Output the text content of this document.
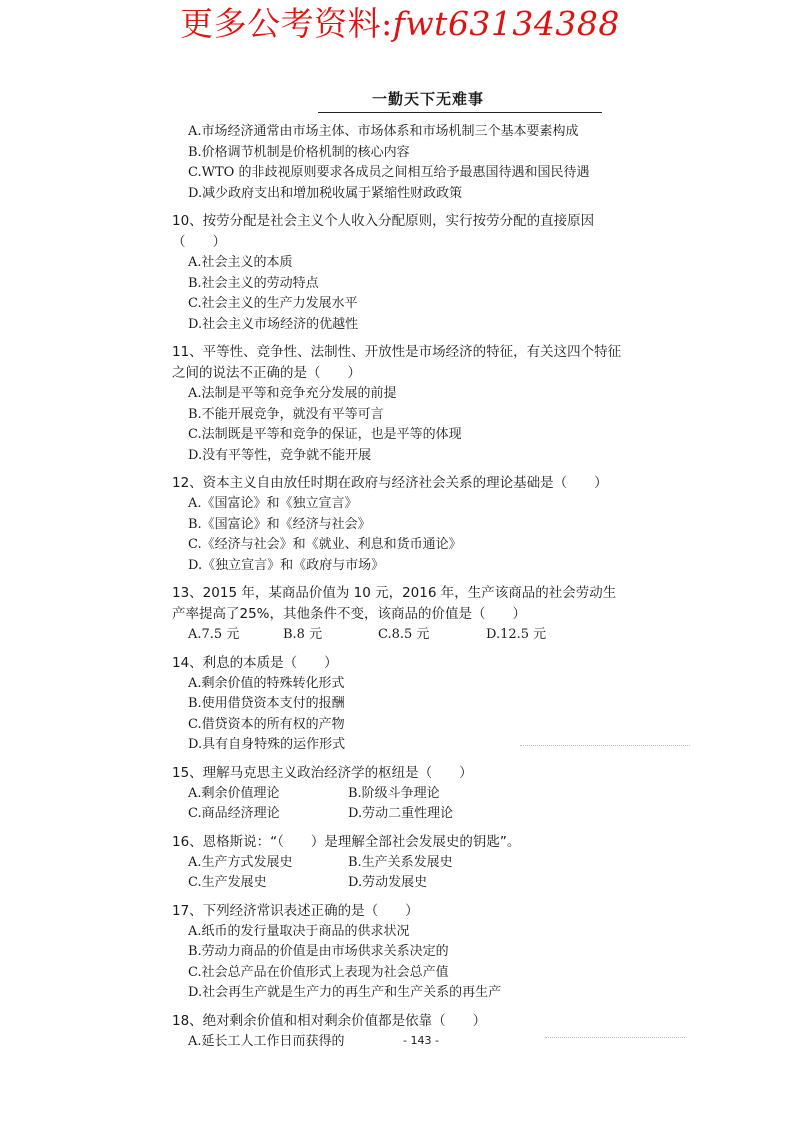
更多公考资料:fwt63134388
一勤天下无难事
A.市场经济通常由市场主体、市场体系和市场机制三个基本要素构成
B.价格调节机制是价格机制的核心内容
C.WTO 的非歧视原则要求各成员之间相互给予最惠国待遇和国民待遇
D.减少政府支出和增加税收属于紧缩性财政政策
10、按劳分配是社会主义个人收入分配原则，实行按劳分配的直接原因（　　）
A.社会主义的本质
B.社会主义的劳动特点
C.社会主义的生产力发展水平
D.社会主义市场经济的优越性
11、平等性、竞争性、法制性、开放性是市场经济的特征，有关这四个特征之间的说法不正确的是（　　）
A.法制是平等和竞争充分发展的前提
B.不能开展竞争，就没有平等可言
C.法制既是平等和竞争的保证，也是平等的体现
D.没有平等性，竞争就不能开展
12、资本主义自由放任时期在政府与经济社会关系的理论基础是（　　）
A.《国富论》和《独立宣言》
B.《国富论》和《经济与社会》
C.《经济与社会》和《就业、利息和货币通论》
D.《独立宣言》和《政府与市场》
13、2015 年，某商品价值为 10 元，2016 年，生产该商品的社会劳动生产率提高了25%，其他条件不变，该商品的价值是（　　）
A.7.5 元	B.8 元	C.8.5 元	D.12.5 元
14、利息的本质是（　　）
A.剩余价值的特殊转化形式
B.使用借贷资本支付的报酬
C.借贷资本的所有权的产物
D.具有自身特殊的运作形式
15、理解马克思主义政治经济学的枢纽是（　　）
A.剩余价值理论	B.阶级斗争理论
C.商品经济理论	D.劳动二重性理论
16、恩格斯说：“（　　）是理解全部社会发展史的钥匙”。
A.生产方式发展史	B.生产关系发展史
C.生产发展史	D.劳动发展史
17、下列经济常识表述正确的是（　　）
A.纸币的发行量取决于商品的供求状况
B.劳动力商品的价值是由市场供求关系决定的
C.社会总产品在价值形式上表现为社会总产值
D.社会再生产就是生产力的再生产和生产关系的再生产
18、绝对剩余价值和相对剩余价值都是依靠（　　）
A.延长工人工作日而获得的	- 143 -
